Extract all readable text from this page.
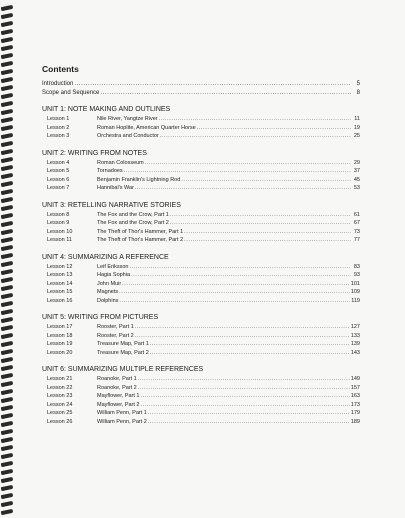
Contents
Introduction .....	5
Scope and Sequence .....	8
UNIT 1: NOTE MAKING AND OUTLINES
Lesson 1	Nile River, Yangtze River .....	11
Lesson 2	Roman Hoplite, American Quarter Horse .....	19
Lesson 3	Orchestra and Conductor .....	25
UNIT 2: WRITING FROM NOTES
Lesson 4	Roman Colosseum .....	29
Lesson 5	Tornadoes .....	37
Lesson 6	Benjamin Franklin's Lightning Rod .....	45
Lesson 7	Hannibal's War .....	53
UNIT 3: RETELLING NARRATIVE STORIES
Lesson 8	The Fox and the Crow, Part 1 .....	61
Lesson 9	The Fox and the Crow, Part 2 .....	67
Lesson 10	The Theft of Thor's Hammer, Part 1 .....	73
Lesson 11	The Theft of Thor's Hammer, Part 2 .....	77
UNIT 4: SUMMARIZING A REFERENCE
Lesson 12	Leif Eriksson .....	83
Lesson 13	Hagia Sophia .....	93
Lesson 14	John Muir .....	101
Lesson 15	Magnets .....	109
Lesson 16	Dolphins .....	119
UNIT 5: WRITING FROM PICTURES
Lesson 17	Rooster, Part 1 .....	127
Lesson 18	Rooster, Part 2 .....	133
Lesson 19	Treasure Map, Part 1 .....	139
Lesson 20	Treasure Map, Part 2 .....	143
UNIT 6: SUMMARIZING MULTIPLE REFERENCES
Lesson 21	Roanoke, Part 1 .....	149
Lesson 22	Roanoke, Part 2 .....	157
Lesson 23	Mayflower, Part 1 .....	163
Lesson 24	Mayflower, Part 2 .....	173
Lesson 25	William Penn, Part 1 .....	179
Lesson 26	William Penn, Part 2 .....	189
